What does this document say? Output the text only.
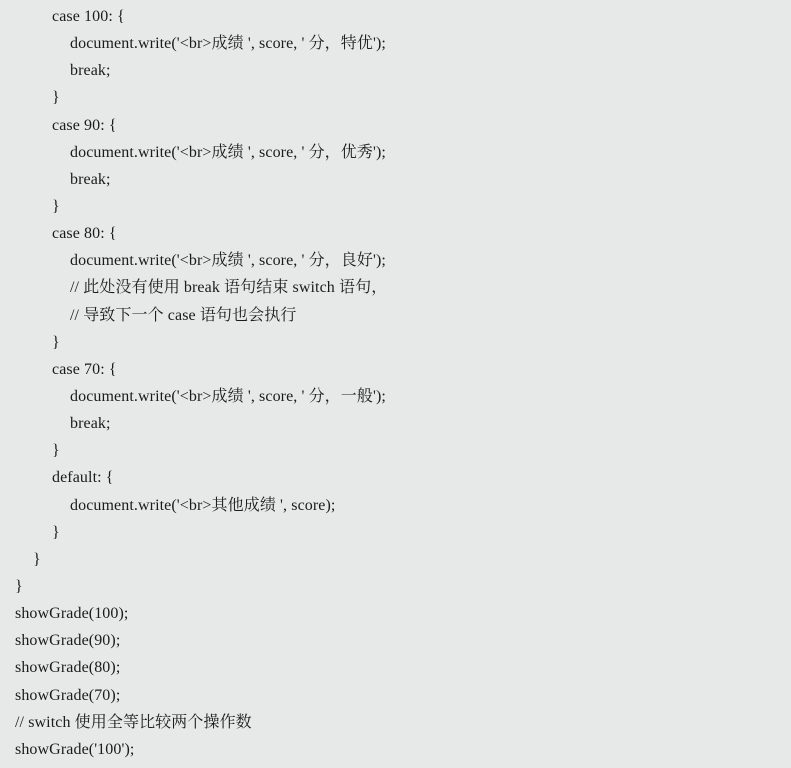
case 100: {
document.write('<br>成绩 ', score, ' 分，特优');
break;
}
case 90: {
document.write('<br>成绩 ', score, ' 分，优秀');
break;
}
case 80: {
document.write('<br>成绩 ', score, ' 分，良好');
// 此处没有使用 break 语句结束 switch 语句，
// 导致下一个 case 语句也会执行
}
case 70: {
document.write('<br>成绩 ', score, ' 分，一般');
break;
}
default: {
document.write('<br>其他成绩 ', score);
}
}
}
showGrade(100);
showGrade(90);
showGrade(80);
showGrade(70);
// switch 使用全等比较两个操作数
showGrade('100');
